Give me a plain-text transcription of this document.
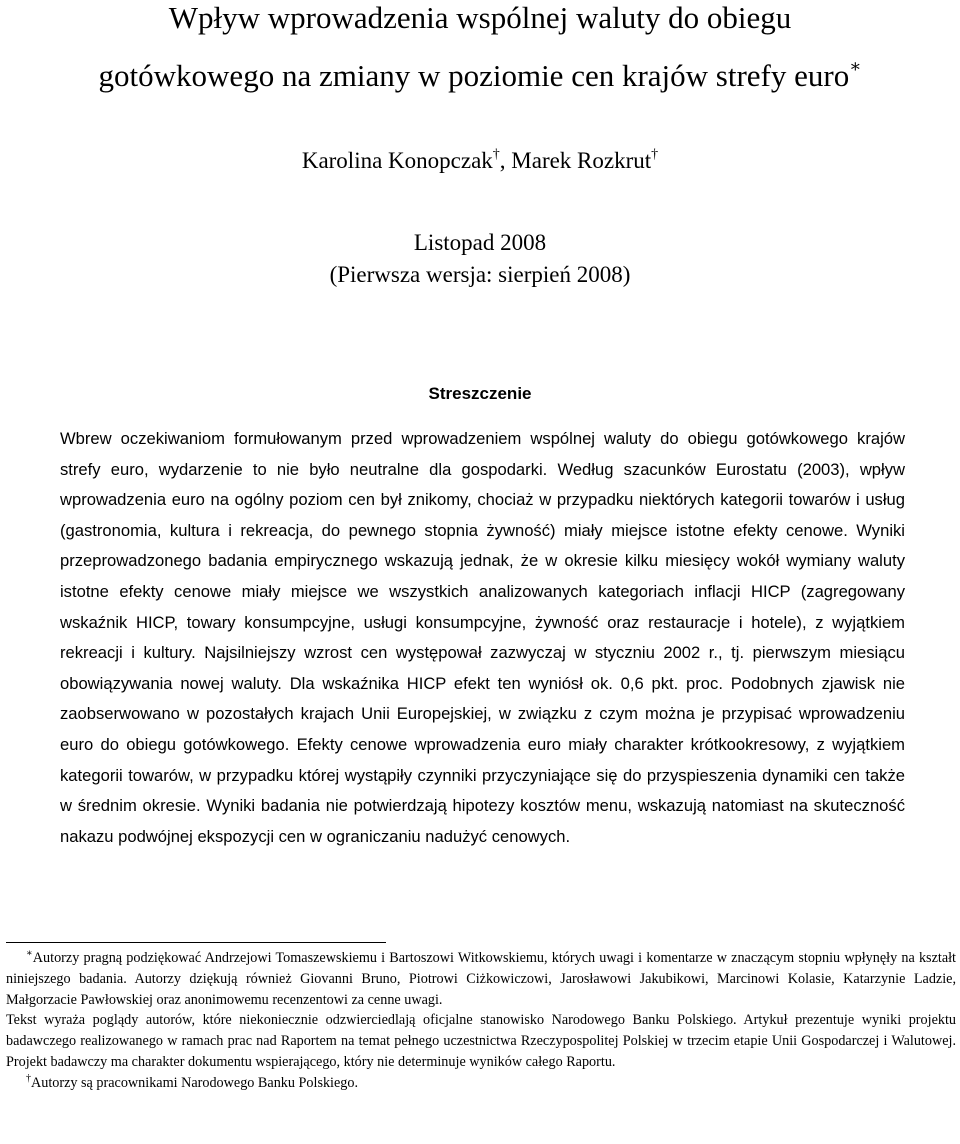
Wpływ wprowadzenia wspólnej waluty do obiegu
gotówkowego na zmiany w poziomie cen krajów strefy euro∗
Karolina Konopczak†, Marek Rozkrut†
Listopad 2008
(Pierwsza wersja: sierpień 2008)
Streszczenie

Wbrew oczekiwaniom formułowanym przed wprowadzeniem wspólnej waluty do obiegu gotówkowego krajów strefy euro, wydarzenie to nie było neutralne dla gospodarki. Według szacunków Eurostatu (2003), wpływ wprowadzenia euro na ogólny poziom cen był znikomy, chociaż w przypadku niektórych kategorii towarów i usług (gastronomia, kultura i rekreacja, do pewnego stopnia żywność) miały miejsce istotne efekty cenowe. Wyniki przeprowadzonego badania empirycznego wskazują jednak, że w okresie kilku miesięcy wokół wymiany waluty istotne efekty cenowe miały miejsce we wszystkich analizowanych kategoriach inflacji HICP (zagregowany wskaźnik HICP, towary konsumpcyjne, usługi konsumpcyjne, żywność oraz restauracje i hotele), z wyjątkiem rekreacji i kultury. Najsilniejszy wzrost cen występował zazwyczaj w styczniu 2002 r., tj. pierwszym miesiącu obowiązywania nowej waluty. Dla wskaźnika HICP efekt ten wyniósł ok. 0,6 pkt. proc. Podobnych zjawisk nie zaobserwowano w pozostałych krajach Unii Europejskiej, w związku z czym można je przypisać wprowadzeniu euro do obiegu gotówkowego. Efekty cenowe wprowadzenia euro miały charakter krótkookresowy, z wyjątkiem kategorii towarów, w przypadku której wystąpiły czynniki przyczyniające się do przyspieszenia dynamiki cen także w średnim okresie. Wyniki badania nie potwierdzają hipotezy kosztów menu, wskazują natomiast na skuteczność nakazu podwójnej ekspozycji cen w ograniczaniu nadużyć cenowych.

∗Autorzy pragną podziękować Andrzejowi Tomaszewskiemu i Bartoszowi Witkowskiemu, których uwagi i komentarze w znaczącym stopniu wpłynęły na kształt niniejszego badania. Autorzy dziękują również Giovanni Bruno, Piotrowi Ciżkowiczowi, Jarosławowi Jakubikowi, Marcinowi Kolasie, Katarzynie Ladzie, Małgorzacie Pawłowskiej oraz anonimowemu recenzentowi za cenne uwagi.

Tekst wyraża poglądy autorów, które niekoniecznie odzwierciedlają oficjalne stanowisko Narodowego Banku Polskiego. Artykuł prezentuje wyniki projektu badawczego realizowanego w ramach prac nad Raportem na temat pełnego uczestnictwa Rzeczypospolitej Polskiej w trzecim etapie Unii Gospodarczej i Walutowej. Projekt badawczy ma charakter dokumentu wspierającego, który nie determinuje wyników całego Raportu.

†Autorzy są pracownikami Narodowego Banku Polskiego.
